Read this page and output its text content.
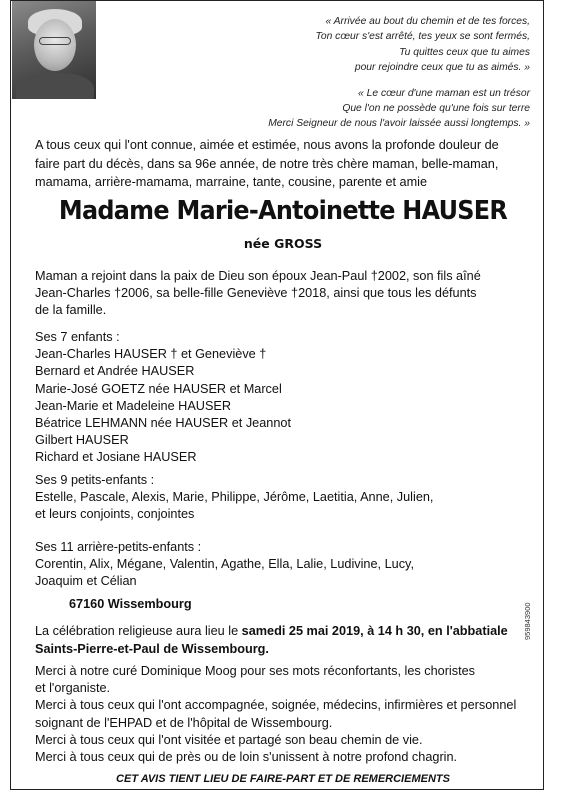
« Arrivée au bout du chemin et de tes forces,

Ton cœur s'est arrêté, tes yeux se sont fermés,

Tu quittes ceux que tu aimes

pour rejoindre ceux que tu as aimés. »

« Le cœur d'une maman est un trésor

Que l'on ne possède qu'une fois sur terre

Merci Seigneur de nous l'avoir laissée aussi longtemps. »

A tous ceux qui l'ont connue, aimée et estimée, nous avons la profonde douleur de faire part du décès, dans sa 96e année, de notre très chère maman, belle-maman, mamama, arrière-mamama, marraine, tante, cousine, parente et amie
Madame Marie-Antoinette HAUSER
née GROSS

Maman a rejoint dans la paix de Dieu son époux Jean-Paul †2002, son fils aîné

Jean-Charles †2006, sa belle-fille Geneviève †2018, ainsi que tous les défunts

de la famille.

Ses 7 enfants :

Jean-Charles HAUSER † et Geneviève †

Bernard et Andrée HAUSER

Marie-José GOETZ née HAUSER et Marcel

Jean-Marie et Madeleine HAUSER

Béatrice LEHMANN née HAUSER et Jeannot

Gilbert HAUSER

Richard et Josiane HAUSER

Ses 9 petits-enfants :

Estelle, Pascale, Alexis, Marie, Philippe, Jérôme, Laetitia, Anne, Julien,

et leurs conjoints, conjointes

Ses 11 arrière-petits-enfants :

Corentin, Alix, Mégane, Valentin, Agathe, Ella, Lalie, Ludivine, Lucy,

Joaquim et Célian

67160 Wissembourg
La célébration religieuse aura lieu le samedi 25 mai 2019, à 14 h 30, en l'abbatiale Saints-Pierre-et-Paul de Wissembourg.

Merci à notre curé Dominique Moog pour ses mots réconfortants, les choristes

et l'organiste.

Merci à tous ceux qui l'ont accompagnée, soignée, médecins, infirmières et personnel

soignant de l'EHPAD et de l'hôpital de Wissembourg.

Merci à tous ceux qui l'ont visitée et partagé son beau chemin de vie.

Merci à tous ceux qui de près ou de loin s'unissent à notre profond chagrin.

CET AVIS TIENT LIEU DE FAIRE-PART ET DE REMERCIEMENTS
959843900
